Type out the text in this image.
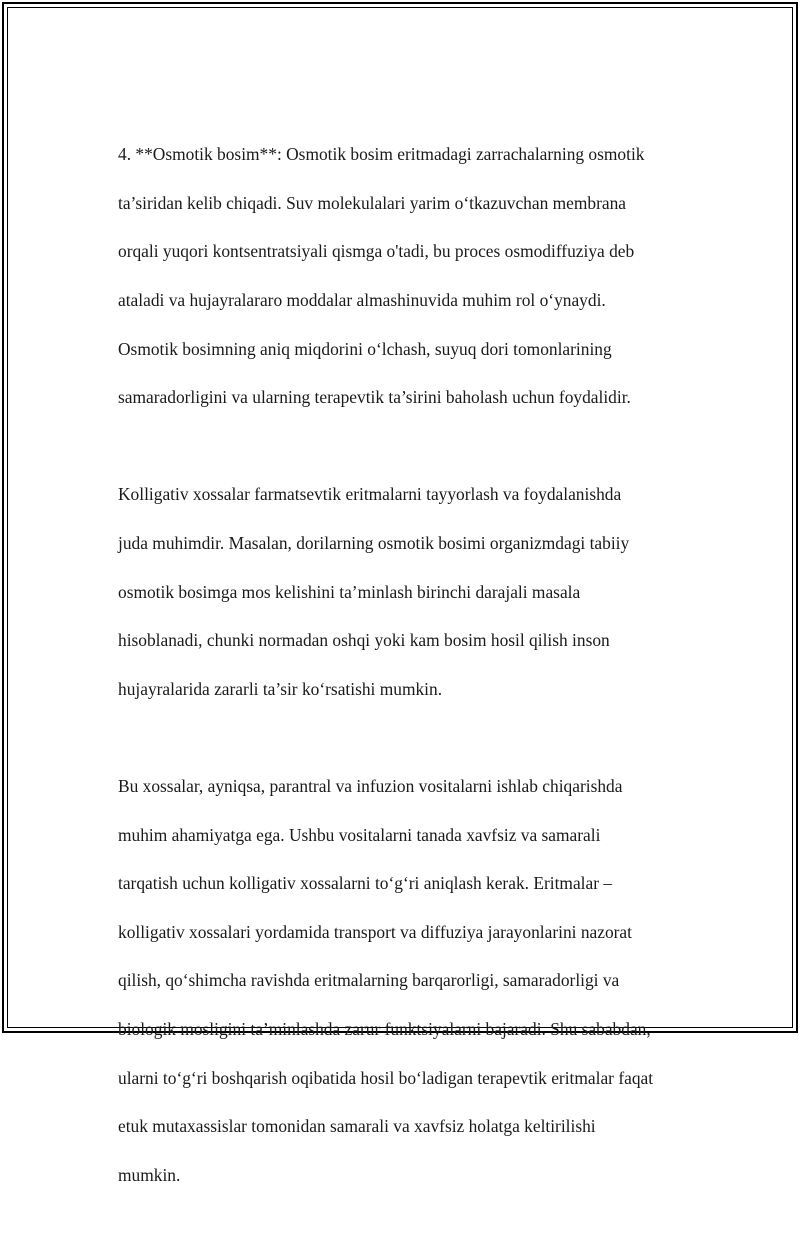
4. **Osmotik bosim**: Osmotik bosim eritmadagi zarrachalarning osmotik

ta’siridan kelib chiqadi. Suv molekulalari yarim o‘tkazuvchan membrana

orqali yuqori kontsentratsiyali qismga o'tadi, bu proces osmodiffuziya deb

ataladi va hujayralararo moddalar almashinuvida muhim rol o‘ynaydi.

Osmotik bosimning aniq miqdorini o‘lchash, suyuq dori tomonlarining

samaradorligini va ularning terapevtik ta’sirini baholash uchun foydalidir.

Kolligativ xossalar farmatsevtik eritmalarni tayyorlash va foydalanishda

juda muhimdir. Masalan, dorilarning osmotik bosimi organizmdagi tabiiy

osmotik bosimga mos kelishini ta’minlash birinchi darajali masala

hisoblanadi, chunki normadan oshqi yoki kam bosim hosil qilish inson

hujayralarida zararli ta’sir ko‘rsatishi mumkin.

Bu xossalar, ayniqsa, parantral va infuzion vositalarni ishlab chiqarishda

muhim ahamiyatga ega. Ushbu vositalarni tanada xavfsiz va samarali

tarqatish uchun kolligativ xossalarni to‘g‘ri aniqlash kerak. Eritmalar –

kolligativ xossalari yordamida transport va diffuziya jarayonlarini nazorat

qilish, qo‘shimcha ravishda eritmalarning barqarorligi, samaradorligi va

biologik mosligini ta’minlashda zarur funktsiyalarni bajaradi. Shu sababdan,

ularni to‘g‘ri boshqarish oqibatida hosil bo‘ladigan terapevtik eritmalar faqat

etuk mutaxassislar tomonidan samarali va xavfsiz holatga keltirilishi

mumkin.
